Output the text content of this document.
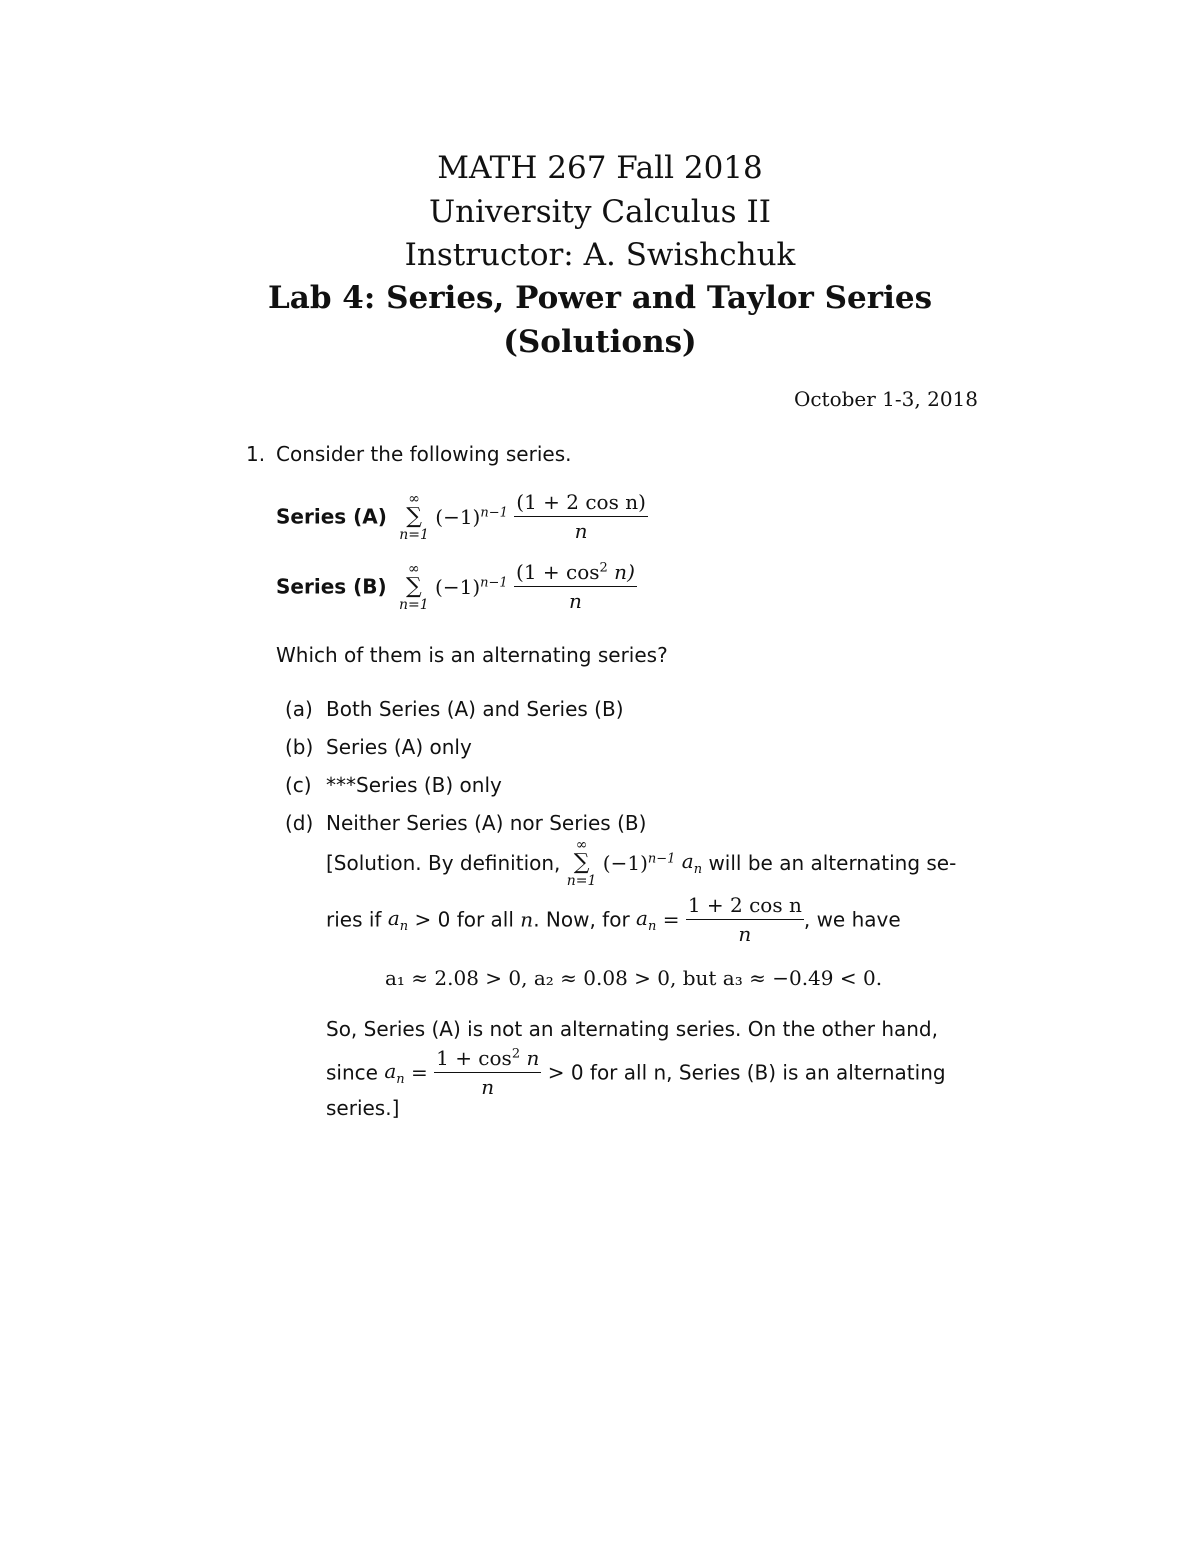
MATH 267 Fall 2018
University Calculus II
Instructor: A. Swishchuk
Lab 4: Series, Power and Taylor Series
(Solutions)
October 1-3, 2018
1. Consider the following series.
Series (A)
∞
∑
n=1
$(-1)^{n-1} \frac{\text{(1 + 2 cos n)}}{n}$
Series (B)
∞
∑
n=1
$(-1)^{n-1} \frac{(1 + \cos^2 n)}{n}$
Which of them is an alternating series?
(a) Both Series (A) and Series (B)
(b) Series (A) only
(c) ***Series (B) only
(d) Neither Series (A) nor Series (B)
[Solution. By definition,
∞
∑
n=1
$(-1)^{n-1}$ $a_n$ will be an alternating se-
ries if $a_n > 0$ for all n. Now, for $a_n = \frac{\text{1 + 2 cos n}}{n}$ , we have
a₁ ≈ 2.08 > 0, a₂ ≈ 0.08 > 0, but a₃ ≈ −0.49 < 0.
So, Series (A) is not an alternating series. On the other hand,
since $a_n = \frac{1 + \cos^2 n}{n} > 0$ for all n, Series (B) is an alternating
series.]
